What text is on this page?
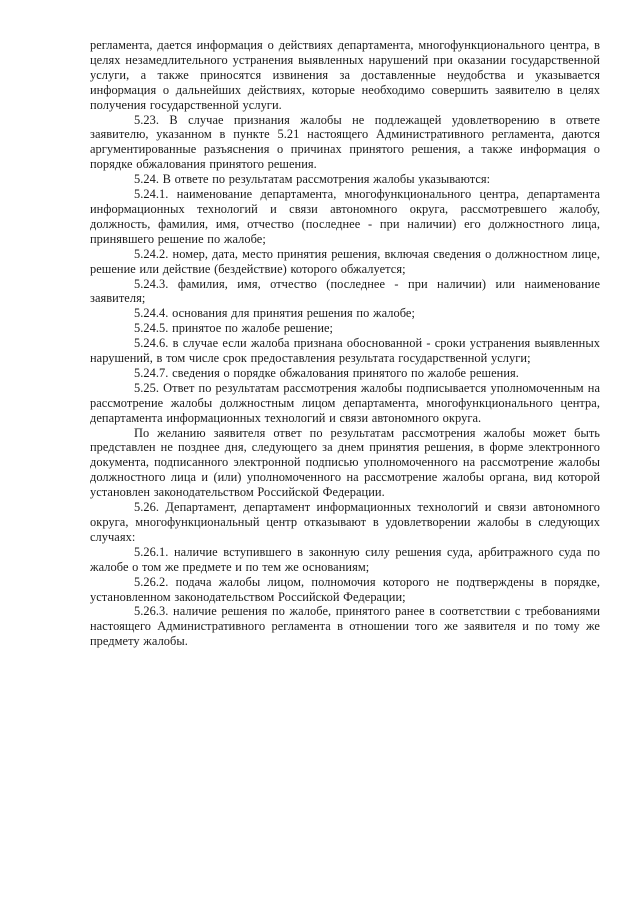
регламента, дается информация о действиях департамента, многофункционального центра, в целях незамедлительного устранения выявленных нарушений при оказании государственной услуги, а также приносятся извинения за доставленные неудобства и указывается информация о дальнейших действиях, которые необходимо совершить заявителю в целях получения государственной услуги.

5.23. В случае признания жалобы не подлежащей удовлетворению в ответе заявителю, указанном в пункте 5.21 настоящего Административного регламента, даются аргументированные разъяснения о причинах принятого решения, а также информация о порядке обжалования принятого решения.

5.24. В ответе по результатам рассмотрения жалобы указываются:

5.24.1. наименование департамента, многофункционального центра, департамента информационных технологий и связи автономного округа, рассмотревшего жалобу, должность, фамилия, имя, отчество (последнее - при наличии) его должностного лица, принявшего решение по жалобе;

5.24.2. номер, дата, место принятия решения, включая сведения о должностном лице, решение или действие (бездействие) которого обжалуется;

5.24.3. фамилия, имя, отчество (последнее - при наличии) или наименование заявителя;

5.24.4. основания для принятия решения по жалобе;

5.24.5. принятое по жалобе решение;

5.24.6. в случае если жалоба признана обоснованной - сроки устранения выявленных нарушений, в том числе срок предоставления результата государственной услуги;

5.24.7. сведения о порядке обжалования принятого по жалобе решения.

5.25. Ответ по результатам рассмотрения жалобы подписывается уполномоченным на рассмотрение жалобы должностным лицом департамента, многофункционального центра, департамента информационных технологий и связи автономного округа.

По желанию заявителя ответ по результатам рассмотрения жалобы может быть представлен не позднее дня, следующего за днем принятия решения, в форме электронного документа, подписанного электронной подписью уполномоченного на рассмотрение жалобы должностного лица и (или) уполномоченного на рассмотрение жалобы органа, вид которой установлен законодательством Российской Федерации.

5.26. Департамент, департамент информационных технологий и связи автономного округа, многофункциональный центр отказывают в удовлетворении жалобы в следующих случаях:

5.26.1. наличие вступившего в законную силу решения суда, арбитражного суда по жалобе о том же предмете и по тем же основаниям;

5.26.2. подача жалобы лицом, полномочия которого не подтверждены в порядке, установленном законодательством Российской Федерации;

5.26.3. наличие решения по жалобе, принятого ранее в соответствии с требованиями настоящего Административного регламента в отношении того же заявителя и по тому же предмету жалобы.
